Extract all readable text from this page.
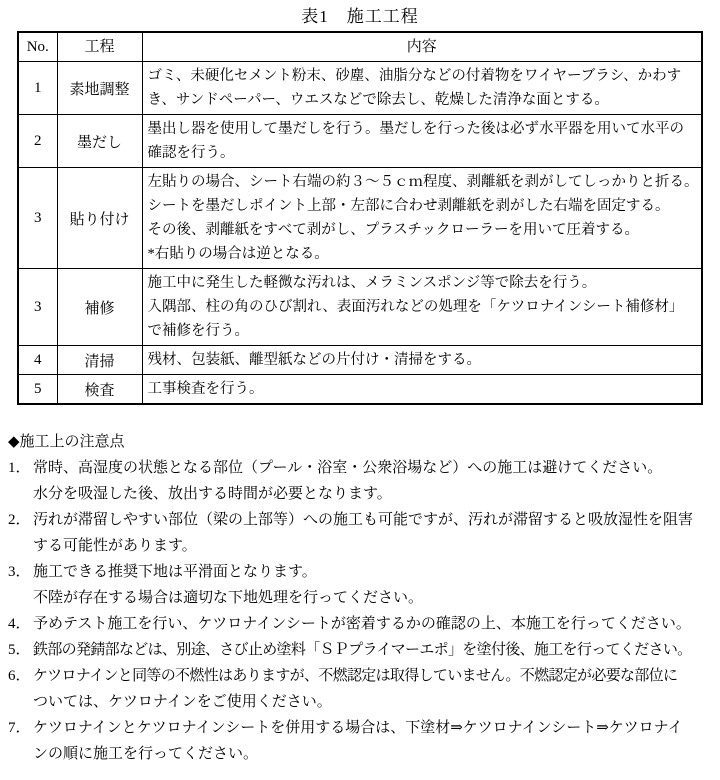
表1　施工工程
No.	工程	内容
1	素地調整	ゴミ、未硬化セメント粉末、砂塵、油脂分などの付着物をワイヤーブラシ、かわす
き、サンドペーパー、ウエスなどで除去し、乾燥した清浄な面とする。

2	墨だし	墨出し器を使用して墨だしを行う。墨だしを行った後は必ず水平器を用いて水平の
確認を行う。

3	貼り付け	左貼りの場合、シート右端の約３～５ｃｍ程度、剥離紙を剥がしてしっかりと折る。
シートを墨だしポイント上部・左部に合わせ剥離紙を剥がした右端を固定する。
その後、剥離紙をすべて剥がし、プラスチックローラーを用いて圧着する。
*右貼りの場合は逆となる。

3	補修	施工中に発生した軽微な汚れは、メラミンスポンジ等で除去を行う。
入隅部、柱の角のひび割れ、表面汚れなどの処理を「ケツロナインシート補修材」
で補修を行う。

4	清掃	残材、包装紙、離型紙などの片付け・清掃をする。

5	検査	工事検査を行う。
◆施工上の注意点
1． 常時、高湿度の状態となる部位（プール・浴室・公衆浴場など）への施工は避けてください。
水分を吸湿した後、放出する時間が必要となります。
2． 汚れが滞留しやすい部位（梁の上部等）への施工も可能ですが、汚れが滞留すると吸放湿性を阻害
する可能性があります。
3． 施工できる推奨下地は平滑面となります。
不陸が存在する場合は適切な下地処理を行ってください。
4． 予めテスト施工を行い、ケツロナインシートが密着するかの確認の上、本施工を行ってください。
5． 鉄部の発錆部などは、別途、さび止め塗料「ＳＰプライマーエポ」を塗付後、施工を行ってください。
6． ケツロナインと同等の不燃性はありますが、不燃認定は取得していません。不燃認定が必要な部位に
ついては、ケツロナインをご使用ください。
7． ケツロナインとケツロナインシートを併用する場合は、下塗材⇒ケツロナインシート⇒ケツロナイ
ンの順に施工を行ってください。
